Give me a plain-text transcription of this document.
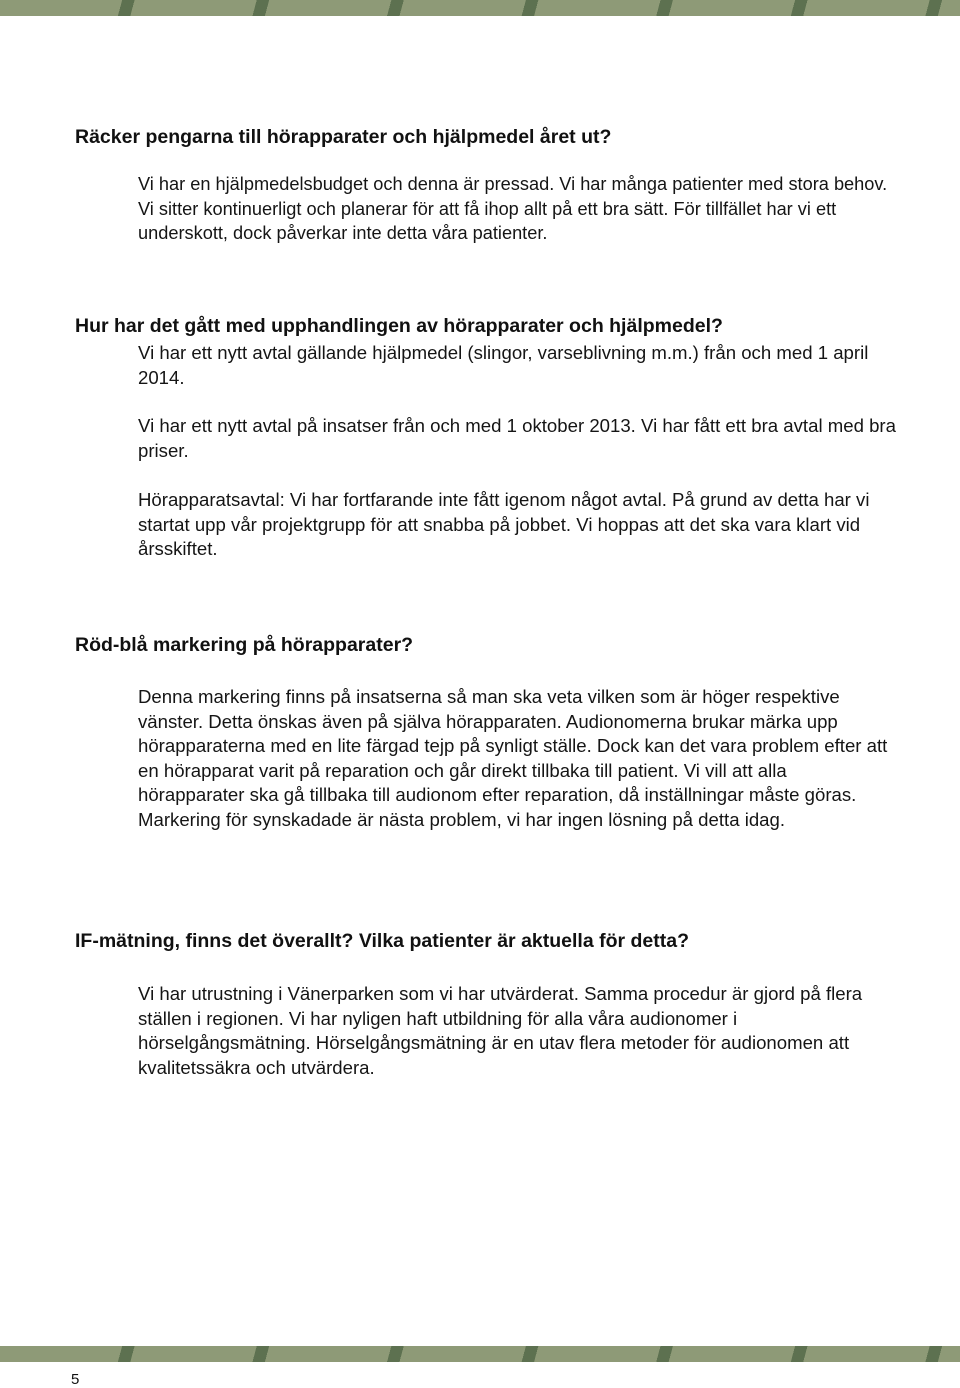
Räcker pengarna till hörapparater och hjälpmedel året ut?

Vi har en hjälpmedelsbudget och denna är pressad. Vi har många patienter med stora behov. Vi sitter kontinuerligt och planerar för att få ihop allt på ett bra sätt. För tillfället har vi ett underskott, dock påverkar inte detta våra patienter.

Hur har det gått med upphandlingen av hörapparater och hjälpmedel?

Vi har ett nytt avtal gällande hjälpmedel (slingor, varseblivning m.m.) från och med 1 april 2014.

Vi har ett nytt avtal på insatser från och med 1 oktober 2013. Vi har fått ett bra avtal med bra priser.

Hörapparatsavtal: Vi har fortfarande inte fått igenom något avtal. På grund av detta har vi startat upp vår projektgrupp för att snabba på jobbet. Vi hoppas att det ska vara klart vid årsskiftet.

Röd-blå markering på hörapparater?

Denna markering finns på insatserna så man ska veta vilken som är höger respektive vänster. Detta önskas även på själva hörapparaten. Audionomerna brukar märka upp hörapparaterna med en lite färgad tejp på synligt ställe. Dock kan det vara problem efter att en hörapparat varit på reparation och går direkt tillbaka till patient. Vi vill att alla hörapparater ska gå tillbaka till audionom efter reparation, då inställningar måste göras. Markering för synskadade är nästa problem, vi har ingen lösning på detta idag.

IF-mätning, finns det överallt? Vilka patienter är aktuella för detta?

Vi har utrustning i Vänerparken som vi har utvärderat. Samma procedur är gjord på flera ställen i regionen. Vi har nyligen haft utbildning för alla våra audionomer i hörselgångsmätning. Hörselgångsmätning är en utav flera metoder för audionomen att kvalitetssäkra och utvärdera.

5
